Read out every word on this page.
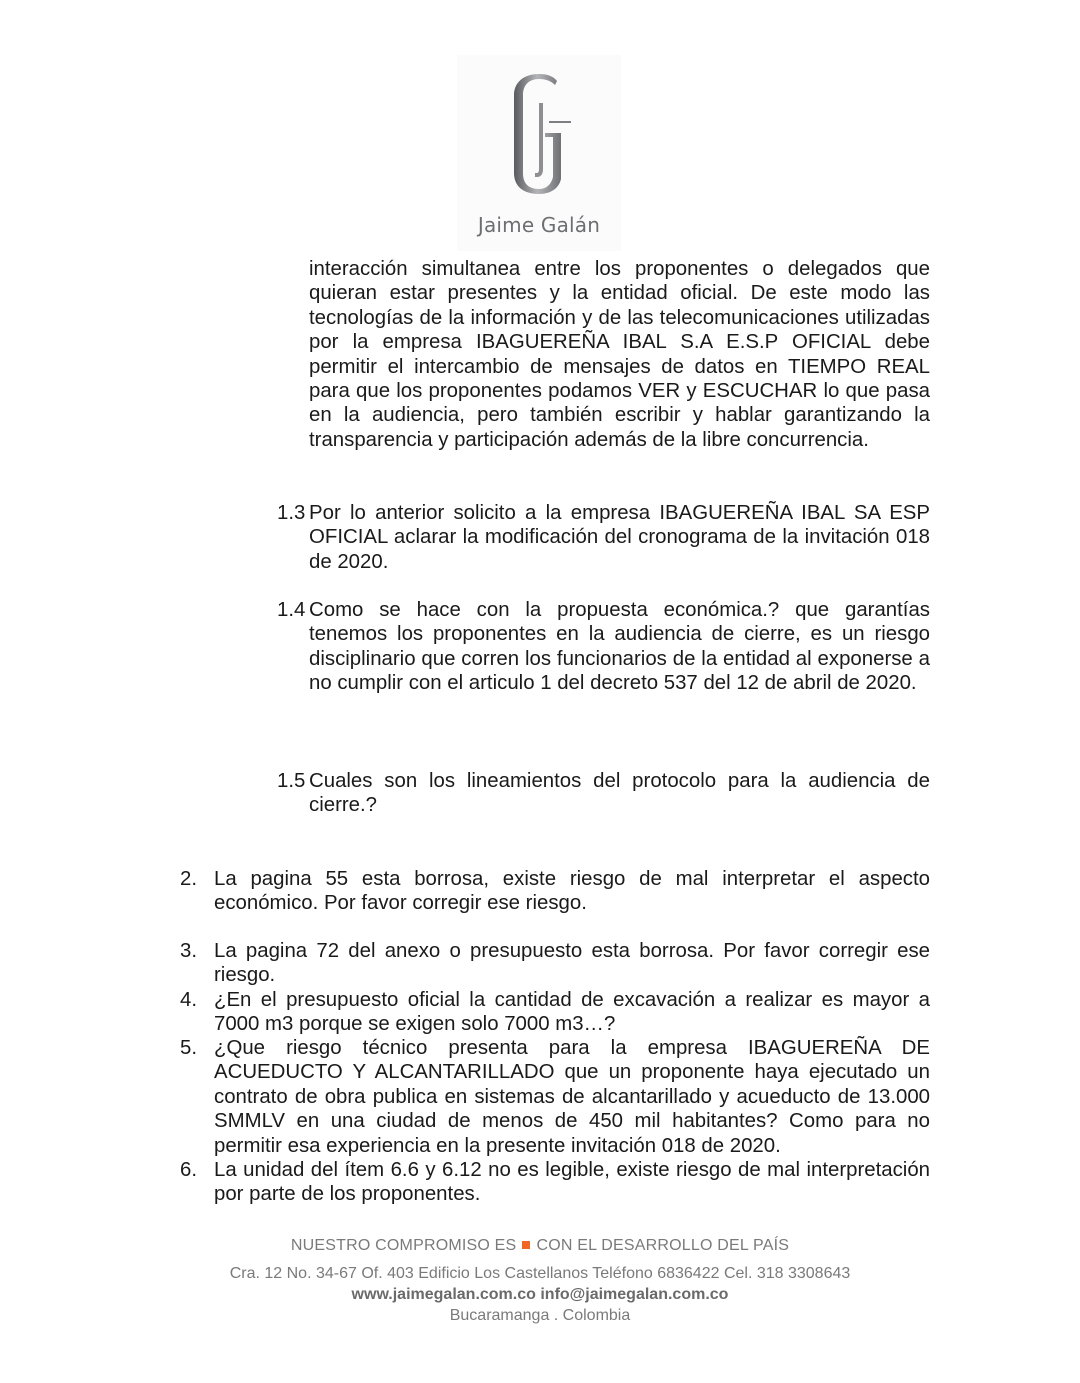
Jaime Galán

interacción simultanea entre los proponentes o delegados que quieran estar presentes y la entidad oficial. De este modo las tecnologías de la información y de las telecomunicaciones utilizadas por la empresa IBAGUEREÑA IBAL S.A E.S.P OFICIAL debe permitir el intercambio de mensajes de datos en TIEMPO REAL para que los proponentes podamos VER y ESCUCHAR lo que pasa en la audiencia, pero también escribir y hablar garantizando la transparencia y participación además de la libre concurrencia.

1.3 Por lo anterior solicito a la empresa IBAGUEREÑA IBAL SA ESP OFICIAL aclarar la modificación del cronograma de la invitación 018 de 2020.
1.4 Como se hace con la propuesta económica.? que garantías tenemos los proponentes en la audiencia de cierre, es un riesgo disciplinario que corren los funcionarios de la entidad al exponerse a no cumplir con el articulo 1 del decreto 537 del 12 de abril de 2020.
1.5 Cuales son los lineamientos del protocolo para la audiencia de cierre.?
2. La pagina 55 esta borrosa, existe riesgo de mal interpretar el aspecto económico. Por favor corregir ese riesgo.
3. La pagina 72 del anexo o presupuesto esta borrosa. Por favor corregir ese riesgo.
4. ¿En el presupuesto oficial la cantidad de excavación a realizar es mayor a 7000 m3 porque se exigen solo 7000 m3…?
5. ¿Que riesgo técnico presenta para la empresa IBAGUEREÑA DE ACUEDUCTO Y ALCANTARILLADO que un proponente haya ejecutado un contrato de obra publica en sistemas de alcantarillado y acueducto de 13.000 SMMLV en una ciudad de menos de 450 mil habitantes? Como para no permitir esa experiencia en la presente invitación 018 de 2020.
6. La unidad del ítem 6.6 y 6.12 no es legible, existe riesgo de mal interpretación por parte de los proponentes.
NUESTRO COMPROMISO ES CON EL DESARROLLO DEL PAÍS
Cra. 12 No. 34-67 Of. 403 Edificio Los Castellanos Teléfono 6836422 Cel. 318 3308643
www.jaimegalan.com.co info@jaimegalan.com.co
Bucaramanga . Colombia
